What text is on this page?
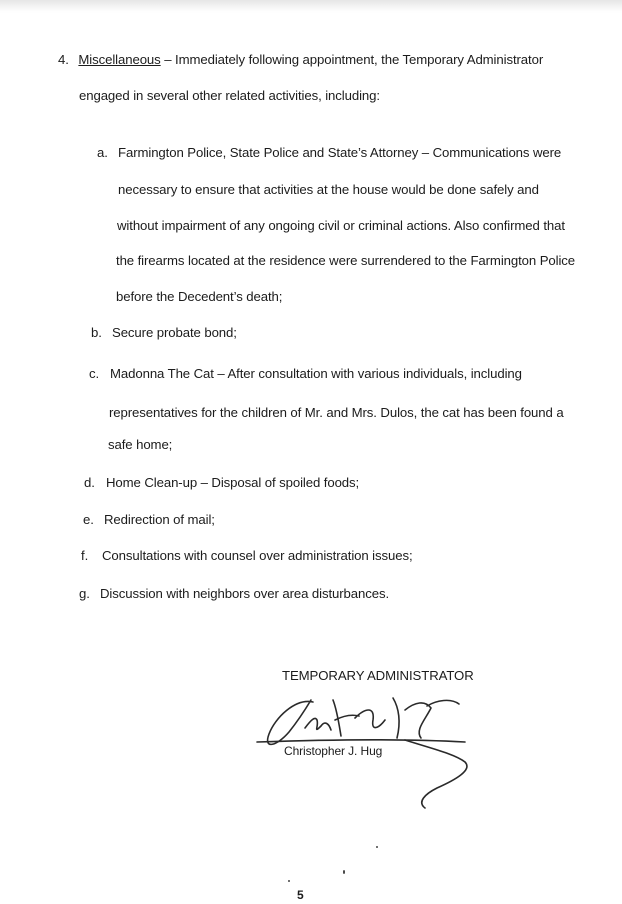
4. Miscellaneous – Immediately following appointment, the Temporary Administrator
engaged in several other related activities, including:
a. Farmington Police, State Police and State’s Attorney – Communications were
necessary to ensure that activities at the house would be done safely and
without impairment of any ongoing civil or criminal actions. Also confirmed that
the firearms located at the residence were surrendered to the Farmington Police
before the Decedent’s death;
b. Secure probate bond;
c. Madonna The Cat – After consultation with various individuals, including
representatives for the children of Mr. and Mrs. Dulos, the cat has been found a
safe home;
d. Home Clean-up – Disposal of spoiled foods;
e. Redirection of mail;
f. Consultations with counsel over administration issues;
g. Discussion with neighbors over area disturbances.
TEMPORARY ADMINISTRATOR
Christopher J. Hug
5
